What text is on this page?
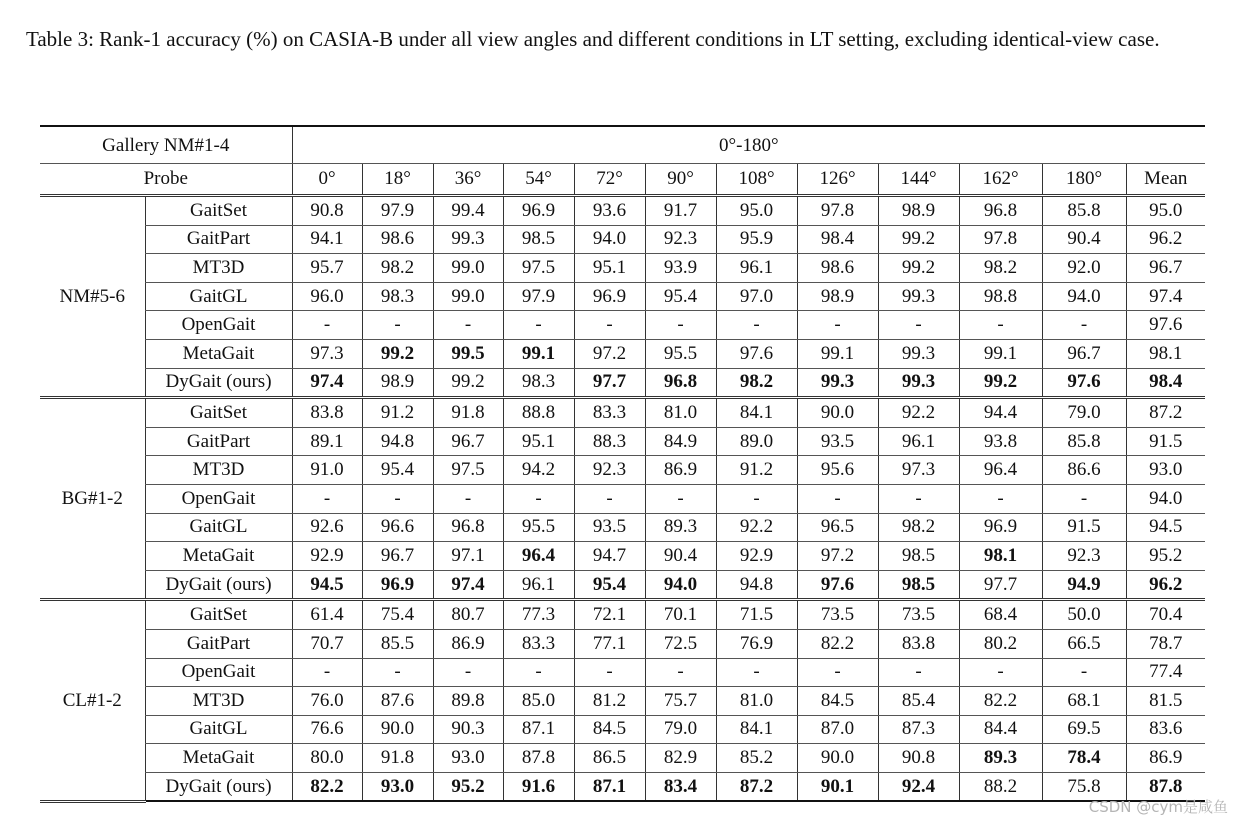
Table 3: Rank-1 accuracy (%) on CASIA-B under all view angles and different conditions in LT setting, excluding identical-view case.
Gallery NM#1-4		0°-180°											
Probe		0°	18°	36°	54°	72°	90°	108°	126°	144°	162°	180°	Mean
NM#5-6	GaitSet	90.8	97.9	99.4	96.9	93.6	91.7	95.0	97.8	98.9	96.8	85.8	95.0
	GaitPart	94.1	98.6	99.3	98.5	94.0	92.3	95.9	98.4	99.2	97.8	90.4	96.2
	MT3D	95.7	98.2	99.0	97.5	95.1	93.9	96.1	98.6	99.2	98.2	92.0	96.7
	GaitGL	96.0	98.3	99.0	97.9	96.9	95.4	97.0	98.9	99.3	98.8	94.0	97.4
	OpenGait	-	-	-	-	-	-	-	-	-	-	-	97.6
	MetaGait	97.3	99.2	99.5	99.1	97.2	95.5	97.6	99.1	99.3	99.1	96.7	98.1
	DyGait (ours)	97.4	98.9	99.2	98.3	97.7	96.8	98.2	99.3	99.3	99.2	97.6	98.4
BG#1-2	GaitSet	83.8	91.2	91.8	88.8	83.3	81.0	84.1	90.0	92.2	94.4	79.0	87.2
	GaitPart	89.1	94.8	96.7	95.1	88.3	84.9	89.0	93.5	96.1	93.8	85.8	91.5
	MT3D	91.0	95.4	97.5	94.2	92.3	86.9	91.2	95.6	97.3	96.4	86.6	93.0
	OpenGait	-	-	-	-	-	-	-	-	-	-	-	94.0
	GaitGL	92.6	96.6	96.8	95.5	93.5	89.3	92.2	96.5	98.2	96.9	91.5	94.5
	MetaGait	92.9	96.7	97.1	96.4	94.7	90.4	92.9	97.2	98.5	98.1	92.3	95.2
	DyGait (ours)	94.5	96.9	97.4	96.1	95.4	94.0	94.8	97.6	98.5	97.7	94.9	96.2
CL#1-2	GaitSet	61.4	75.4	80.7	77.3	72.1	70.1	71.5	73.5	73.5	68.4	50.0	70.4
	GaitPart	70.7	85.5	86.9	83.3	77.1	72.5	76.9	82.2	83.8	80.2	66.5	78.7
	OpenGait	-	-	-	-	-	-	-	-	-	-	-	77.4
	MT3D	76.0	87.6	89.8	85.0	81.2	75.7	81.0	84.5	85.4	82.2	68.1	81.5
	GaitGL	76.6	90.0	90.3	87.1	84.5	79.0	84.1	87.0	87.3	84.4	69.5	83.6
	MetaGait	80.0	91.8	93.0	87.8	86.5	82.9	85.2	90.0	90.8	89.3	78.4	86.9
	DyGait (ours)	82.2	93.0	95.2	91.6	87.1	83.4	87.2	90.1	92.4	88.2	75.8	87.8
CSDN @cym是咸鱼
